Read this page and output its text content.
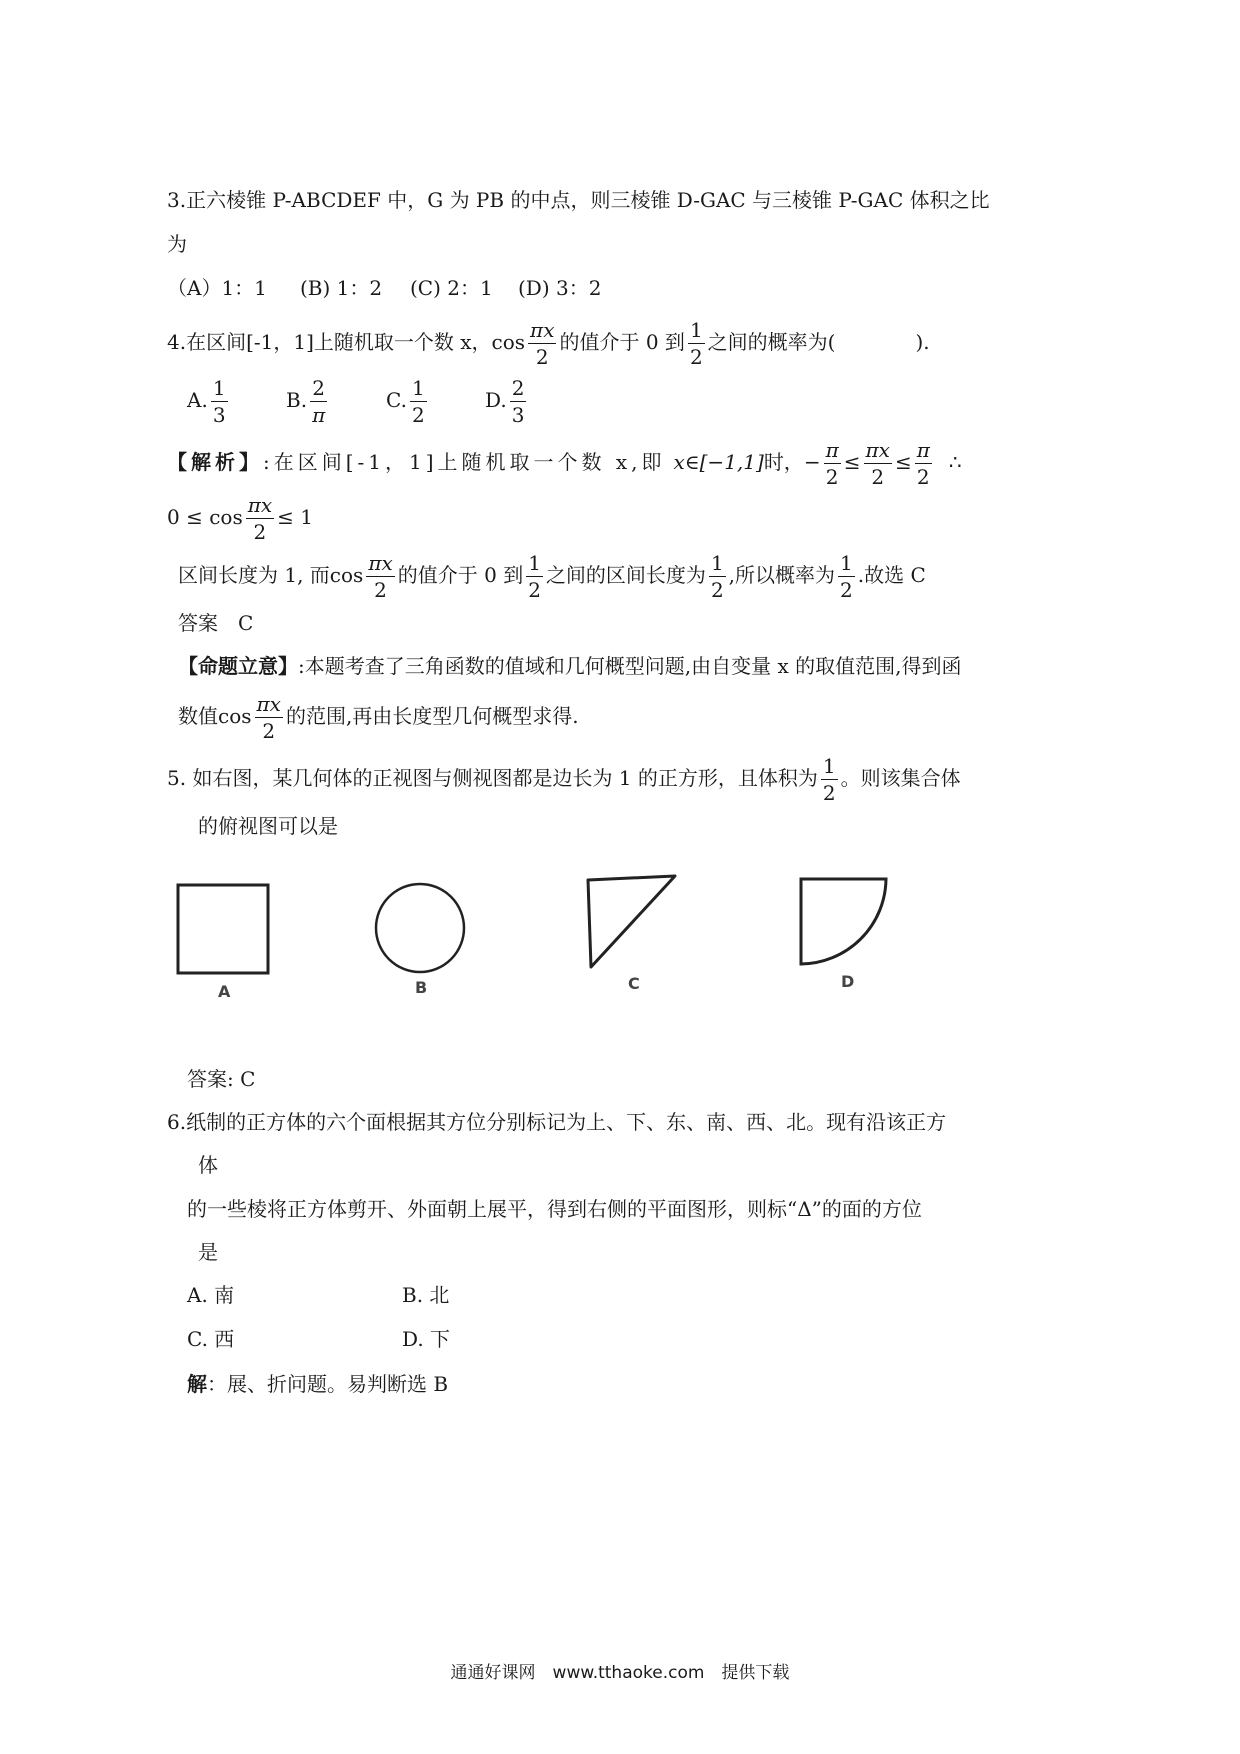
3.正六棱锥 P-ABCDEF 中，G 为 PB 的中点，则三棱锥 D-GAC 与三棱锥 P-GAC 体积之比
为
（A）1：1 (B) 1：2 (C) 2：1 (D) 3：2
4.在区间[-1，1]上随机取一个数 x，$\cos \frac{\pi x}{2}$ 的值介于 0 到 $\frac{1}{2}$ 之间的概率为(	).
A. $\frac{1}{3}$	B. $\frac{2}{\pi}$	C. $\frac{1}{2}$	D. $\frac{2}{3}$
【解析】:在区间[-1，1]上随机取一个数 x,即 x∈[−1,1]时，− $\frac{\pi}{2} \le \frac{\pi x}{2} \le \frac{\pi}{2}$ ∴
$0 \le \cos \frac{\pi x}{2} \le 1$
区间长度为 1, 而$\cos \frac{\pi x}{2}$ 的值介于 0 到 $\frac{1}{2}$ 之间的区间长度为 $\frac{1}{2}$ ,所以概率为 $\frac{1}{2}$ .故选 C
答案　C
【命题立意】:本题考查了三角函数的值域和几何概型问题,由自变量 x 的取值范围,得到函
数值$\cos \frac{\pi x}{2}$ 的范围,再由长度型几何概型求得.
5. 如右图，某几何体的正视图与侧视图都是边长为 1 的正方形，且体积为 $\frac{1}{2}$ 。则该集合体
的俯视图可以是
A	B	C	D
答案: C
6.纸制的正方体的六个面根据其方位分别标记为上、下、东、南、西、北。现有沿该正方
体
的一些棱将正方体剪开、外面朝上展平，得到右侧的平面图形，则标“Δ”的面的方位
是
A. 南	B. 北
C. 西	D. 下
解：展、折问题。易判断选 B
通通好课网　www.tthaoke.com　提供下载
